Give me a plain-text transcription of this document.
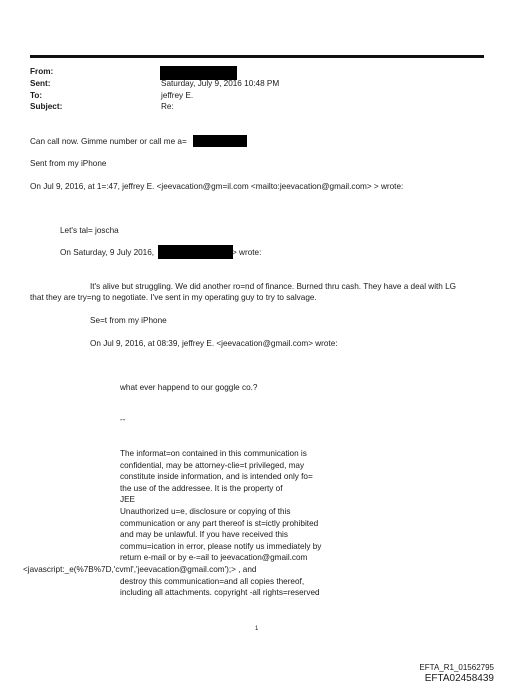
From:
Sent:
To:
Subject:
Saturday, July 9, 2016 10:48 PM
jeffrey E.
Re:
Can call now. Gimme number or call me a=
Sent from my iPhone
On Jul 9, 2016, at 1=:47, jeffrey E. <jeevacation@gm=il.com <mailto:jeevacation@gmail.com> > wrote:
Let's tal= joscha
On Saturday, 9 July 2016,	> wrote:
It's alive but struggling. We did another ro=nd of finance. Burned thru cash. They have a deal with LG
that they are try=ng to negotiate. I've sent in my operating guy to try to salvage.
Se=t from my iPhone
On Jul 9, 2016, at 08:39, jeffrey E. <jeevacation@gmail.com> wrote:
what ever happend to our goggle co.?
--
The informat=on contained in this communication is
confidential, may be attorney-clie=t privileged, may
constitute inside information, and is intended only fo=
the use of the addressee. It is the property of
JEE
Unauthorized u=e, disclosure or copying of this
communication or any part thereof is st=ictly prohibited
and may be unlawful. If you have received this
commu=ication in error, please notify us immediately by
return e-mail or by e-=ail to jeevacation@gmail.com
<javascript:_e(%7B%7D,'cvml','jeevacation@gmail.com');> , and
destroy this communication=and all copies thereof,
including all attachments. copyright -all rights=reserved
1
EFTA_R1_01562795
EFTA02458439
